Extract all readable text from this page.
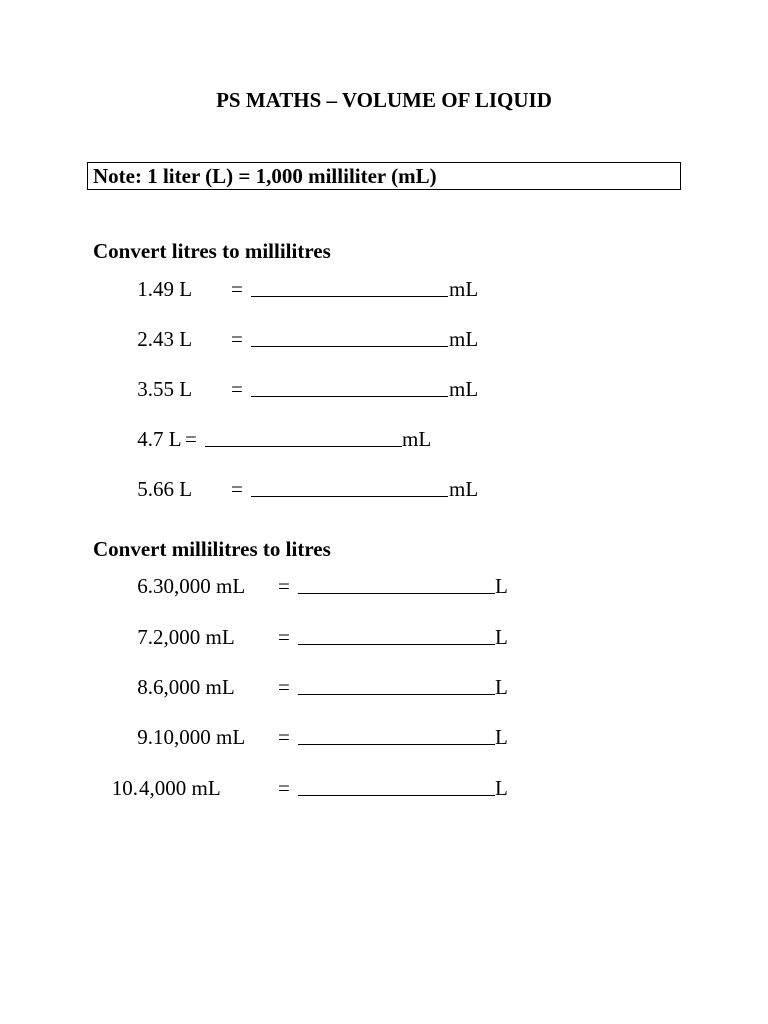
PS MATHS – VOLUME OF LIQUID
Note: 1 liter (L) = 1,000 milliliter (mL)
Convert litres to millilitres
1. 49 L =	mL
2. 43 L =	mL
3. 55 L =	mL
4. 7 L =	mL
5. 66 L =	mL
Convert millilitres to litres
6. 30,000 mL =	L
7. 2,000 mL =	L
8. 6,000 mL =	L
9. 10,000 mL =	L
10. 4,000 mL	=	L
